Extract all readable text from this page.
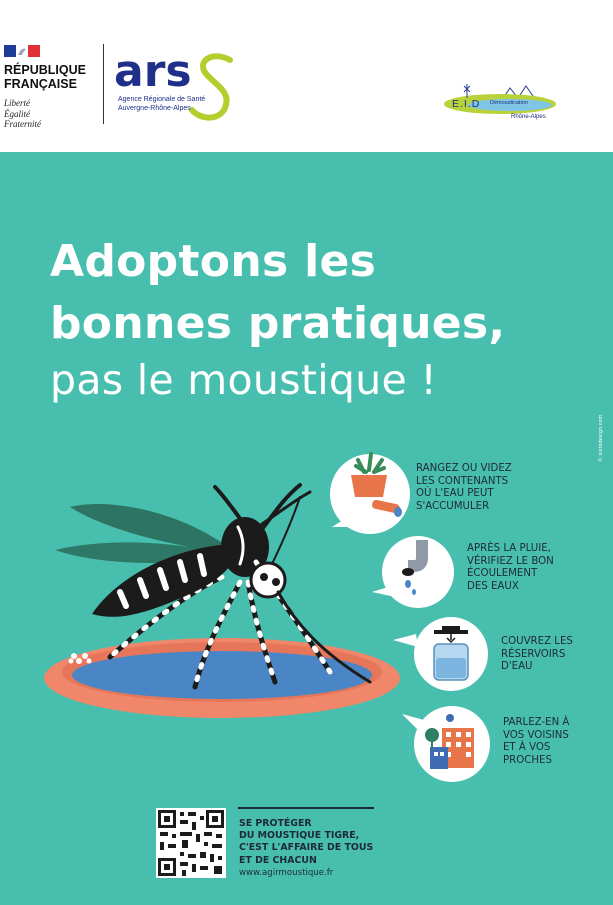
RÉPUBLIQUE
FRANÇAISE
Liberté
Égalité
Fraternité
ars
Agence Régionale de Santé
Auvergne-Rhône-Alpes	E.I.D Démoustication
Rhône-Alpes
Adoptons les
bonnes pratiques,
pas le moustique !
© sixtodesign.com
RANGEZ OU VIDEZ
LES CONTENANTS
OÙ L'EAU PEUT
S'ACCUMULER
APRÈS LA PLUIE,
VÉRIFIEZ LE BON
ÉCOULEMENT
DES EAUX
COUVREZ LES
RÉSERVOIRS
D'EAU
PARLEZ-EN À
VOS VOISINS
ET À VOS
PROCHES
SE PROTÉGER
DU MOUSTIQUE TIGRE,
C'EST L'AFFAIRE DE TOUS
ET DE CHACUN
www.agirmoustique.fr
